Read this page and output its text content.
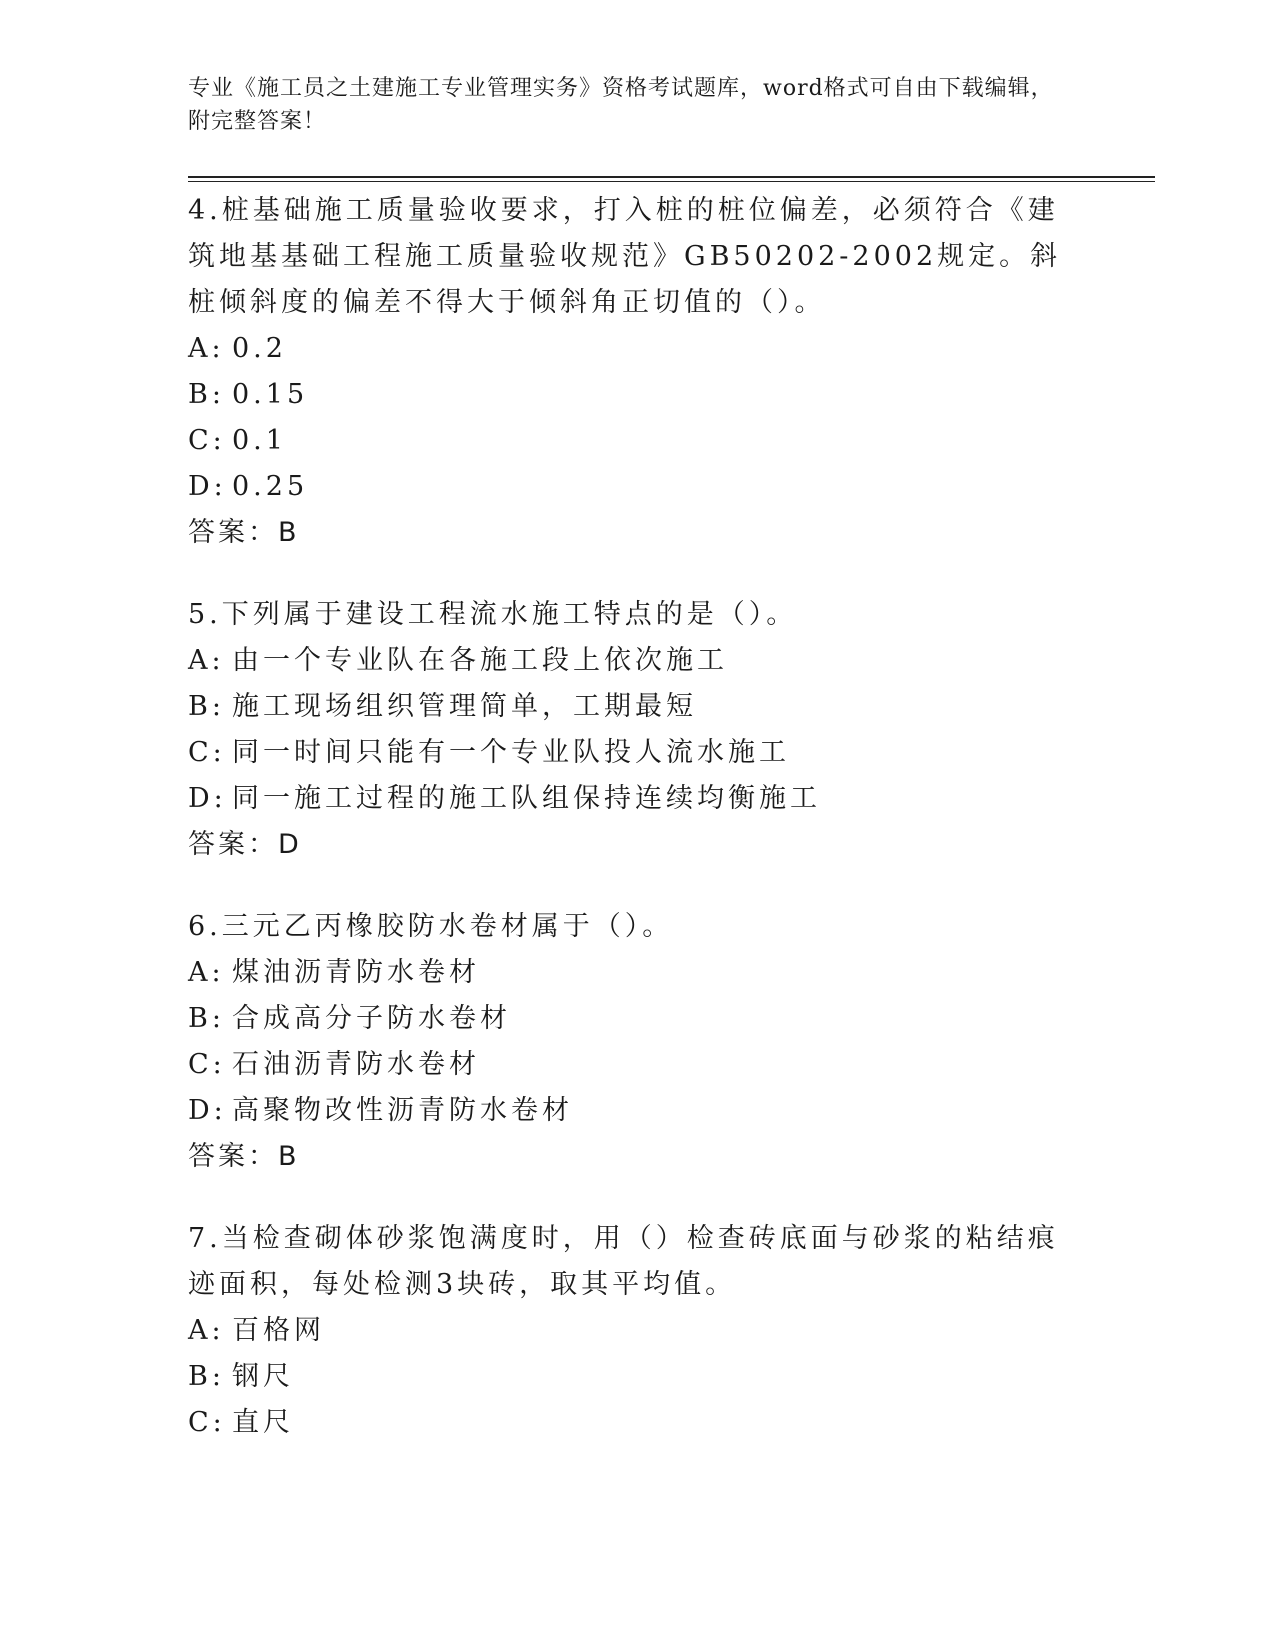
专业《施工员之土建施工专业管理实务》资格考试题库，word格式可自由下载编辑，附完整答案！

4.桩基础施工质量验收要求，打入桩的桩位偏差，必须符合《建筑地基基础工程施工质量验收规范》GB50202-2002规定。斜桩倾斜度的偏差不得大于倾斜角正切值的（）。

A: 0.2
B: 0.15
C: 0.1
D: 0.25
答案：B

5.下列属于建设工程流水施工特点的是（）。

A: 由一个专业队在各施工段上依次施工
B: 施工现场组织管理简单，工期最短
C: 同一时间只能有一个专业队投人流水施工
D: 同一施工过程的施工队组保持连续均衡施工
答案：D

6.三元乙丙橡胶防水卷材属于（）。

A: 煤油沥青防水卷材
B: 合成高分子防水卷材
C: 石油沥青防水卷材
D: 高聚物改性沥青防水卷材
答案：B

7.当检查砌体砂浆饱满度时，用（）检查砖底面与砂浆的粘结痕迹面积，每处检测3块砖，取其平均值。

A: 百格网
B: 钢尺
C: 直尺
